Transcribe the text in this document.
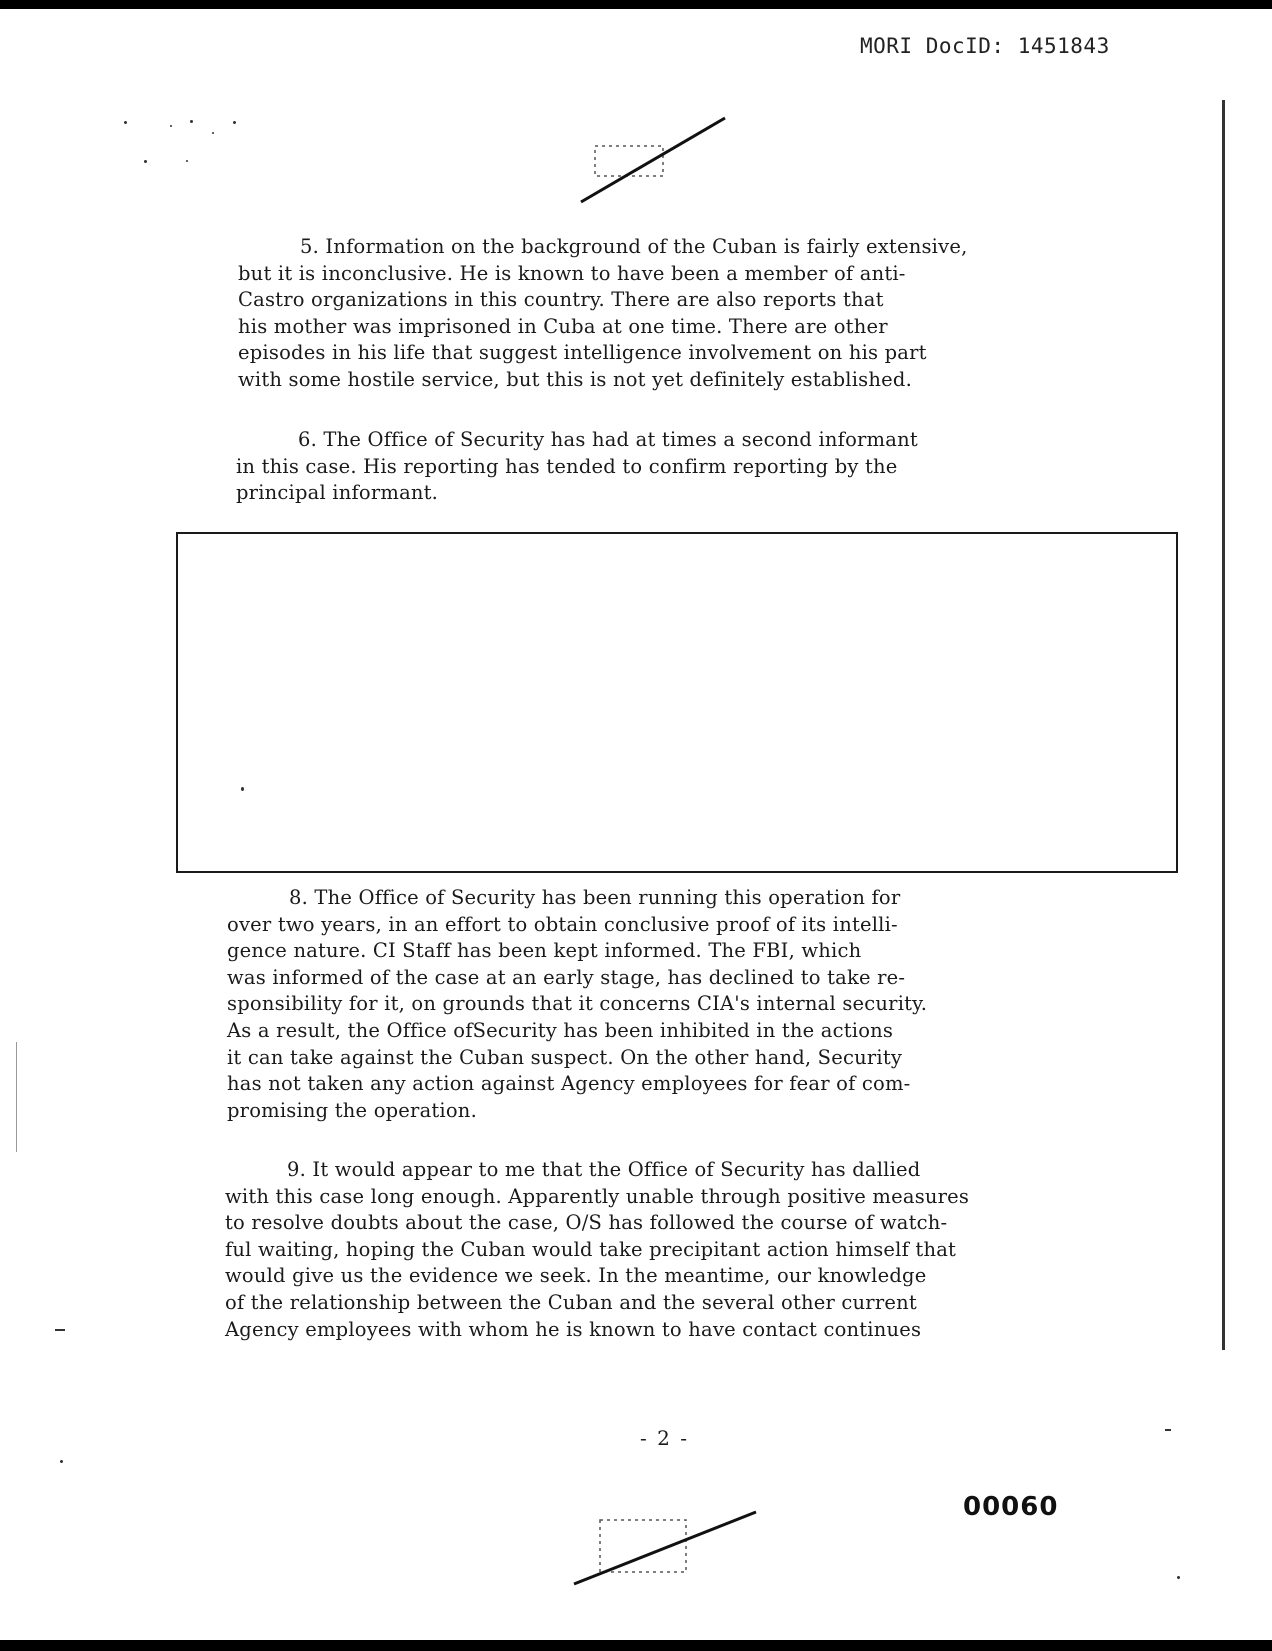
MORI DocID: 1451843

5. Information on the background of the Cuban is fairly extensive,
but it is inconclusive. He is known to have been a member of anti-
Castro organizations in this country. There are also reports that
his mother was imprisoned in Cuba at one time. There are other
episodes in his life that suggest intelligence involvement on his part
with some hostile service, but this is not yet definitely established.

6. The Office of Security has had at times a second informant
in this case. His reporting has tended to confirm reporting by the
principal informant.

8. The Office of Security has been running this operation for
over two years, in an effort to obtain conclusive proof of its intelli-
gence nature. CI Staff has been kept informed. The FBI, which
was informed of the case at an early stage, has declined to take re-
sponsibility for it, on grounds that it concerns CIA's internal security.
As a result, the Office ofSecurity has been inhibited in the actions
it can take against the Cuban suspect. On the other hand, Security
has not taken any action against Agency employees for fear of com-
promising the operation.

9. It would appear to me that the Office of Security has dallied
with this case long enough. Apparently unable through positive measures
to resolve doubts about the case, O/S has followed the course of watch-
ful waiting, hoping the Cuban would take precipitant action himself that
would give us the evidence we seek. In the meantime, our knowledge
of the relationship between the Cuban and the several other current
Agency employees with whom he is known to have contact continues

- 2 -
00060
